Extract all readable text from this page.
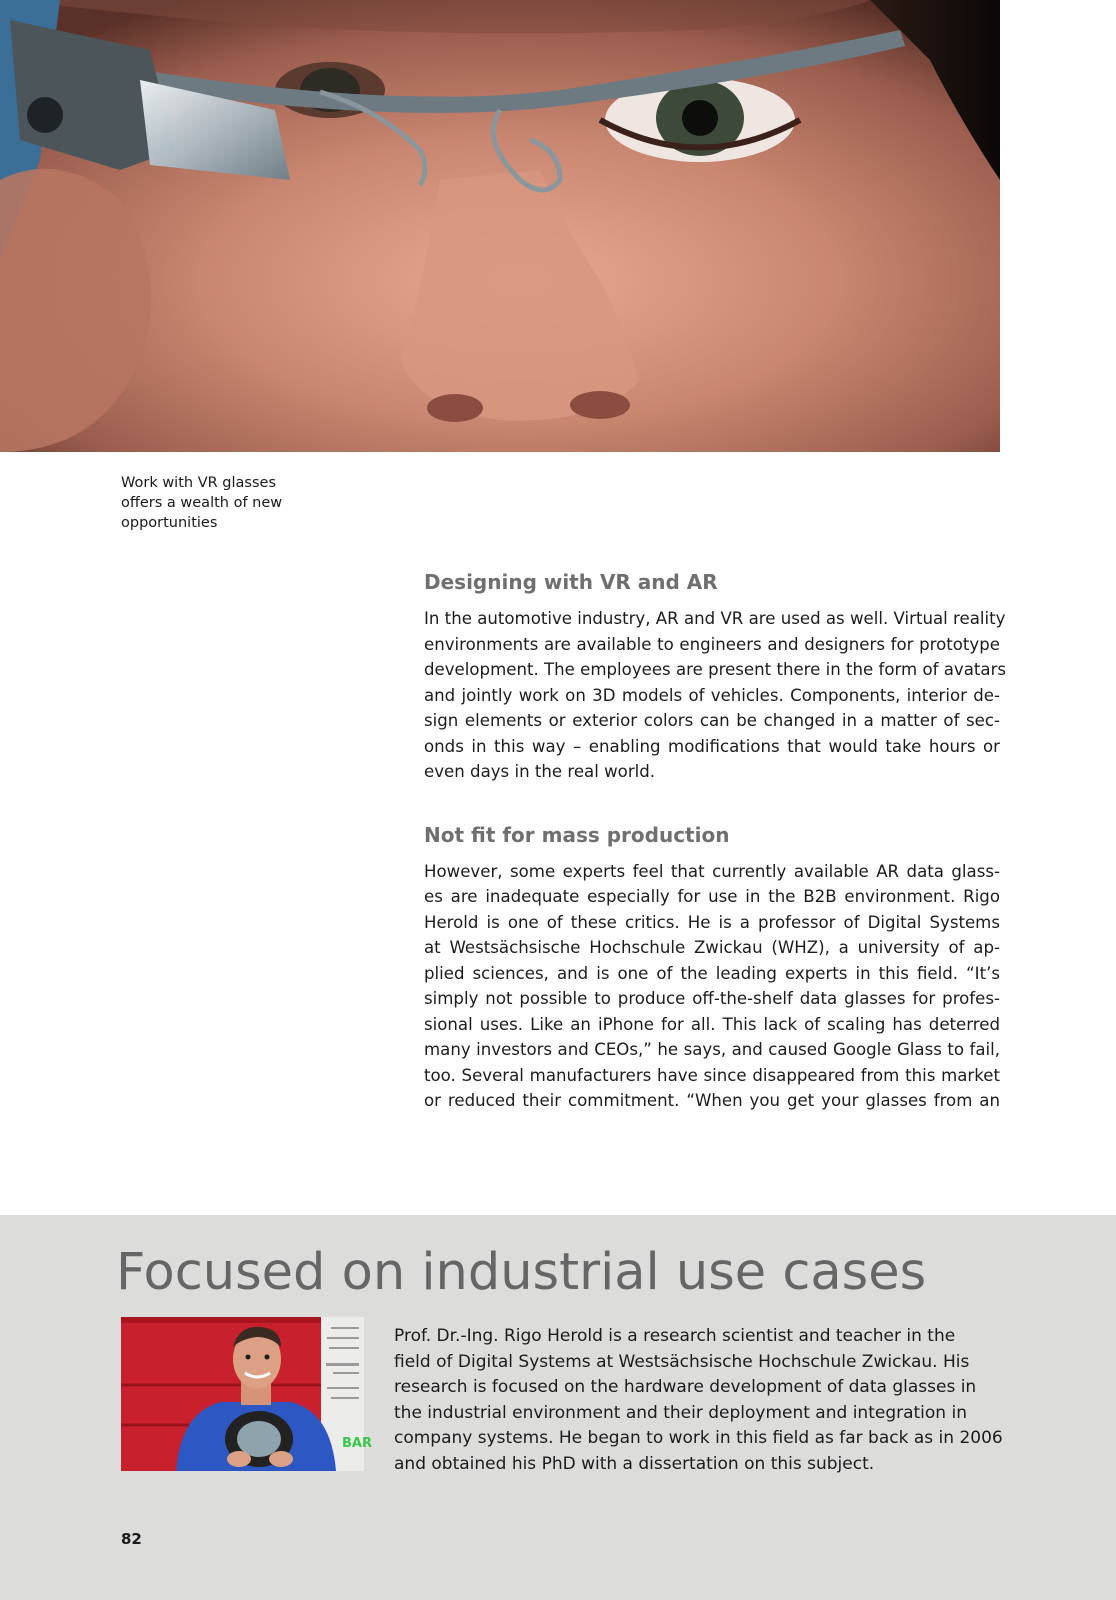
Work with VR glasses
offers a wealth of new
opportunities
Designing with VR and AR

In the automotive industry, AR and VR are used as well. Virtual reality
environments are available to engineers and designers for prototype
development. The employees are present there in the form of avatars
and jointly work on 3D models of vehicles. Components, interior de-
sign elements or exterior colors can be changed in a matter of sec-
onds in this way – enabling modifications that would take hours or
even days in the real world.

Not fit for mass production

However, some experts feel that currently available AR data glass-
es are inadequate especially for use in the B2B environment. Rigo
Herold is one of these critics. He is a professor of Digital Systems
at Westsächsische Hochschule Zwickau (WHZ), a university of ap-
plied sciences, and is one of the leading experts in this field. “It’s
simply not possible to produce off-the-shelf data glasses for profes-
sional uses. Like an iPhone for all. This lack of scaling has deterred
many investors and CEOs,” he says, and caused Google Glass to fail,
too. Several manufacturers have since disappeared from this market
or reduced their commitment. “When you get your glasses from an

Focused on industrial use cases
BAR
Prof. Dr.-Ing. Rigo Herold is a research scientist and teacher in the
field of Digital Systems at Westsächsische Hochschule Zwickau. His
research is focused on the hardware development of data glasses in
the industrial environment and their deployment and integration in
company systems. He began to work in this field as far back as in 2006
and obtained his PhD with a dissertation on this subject.
82
